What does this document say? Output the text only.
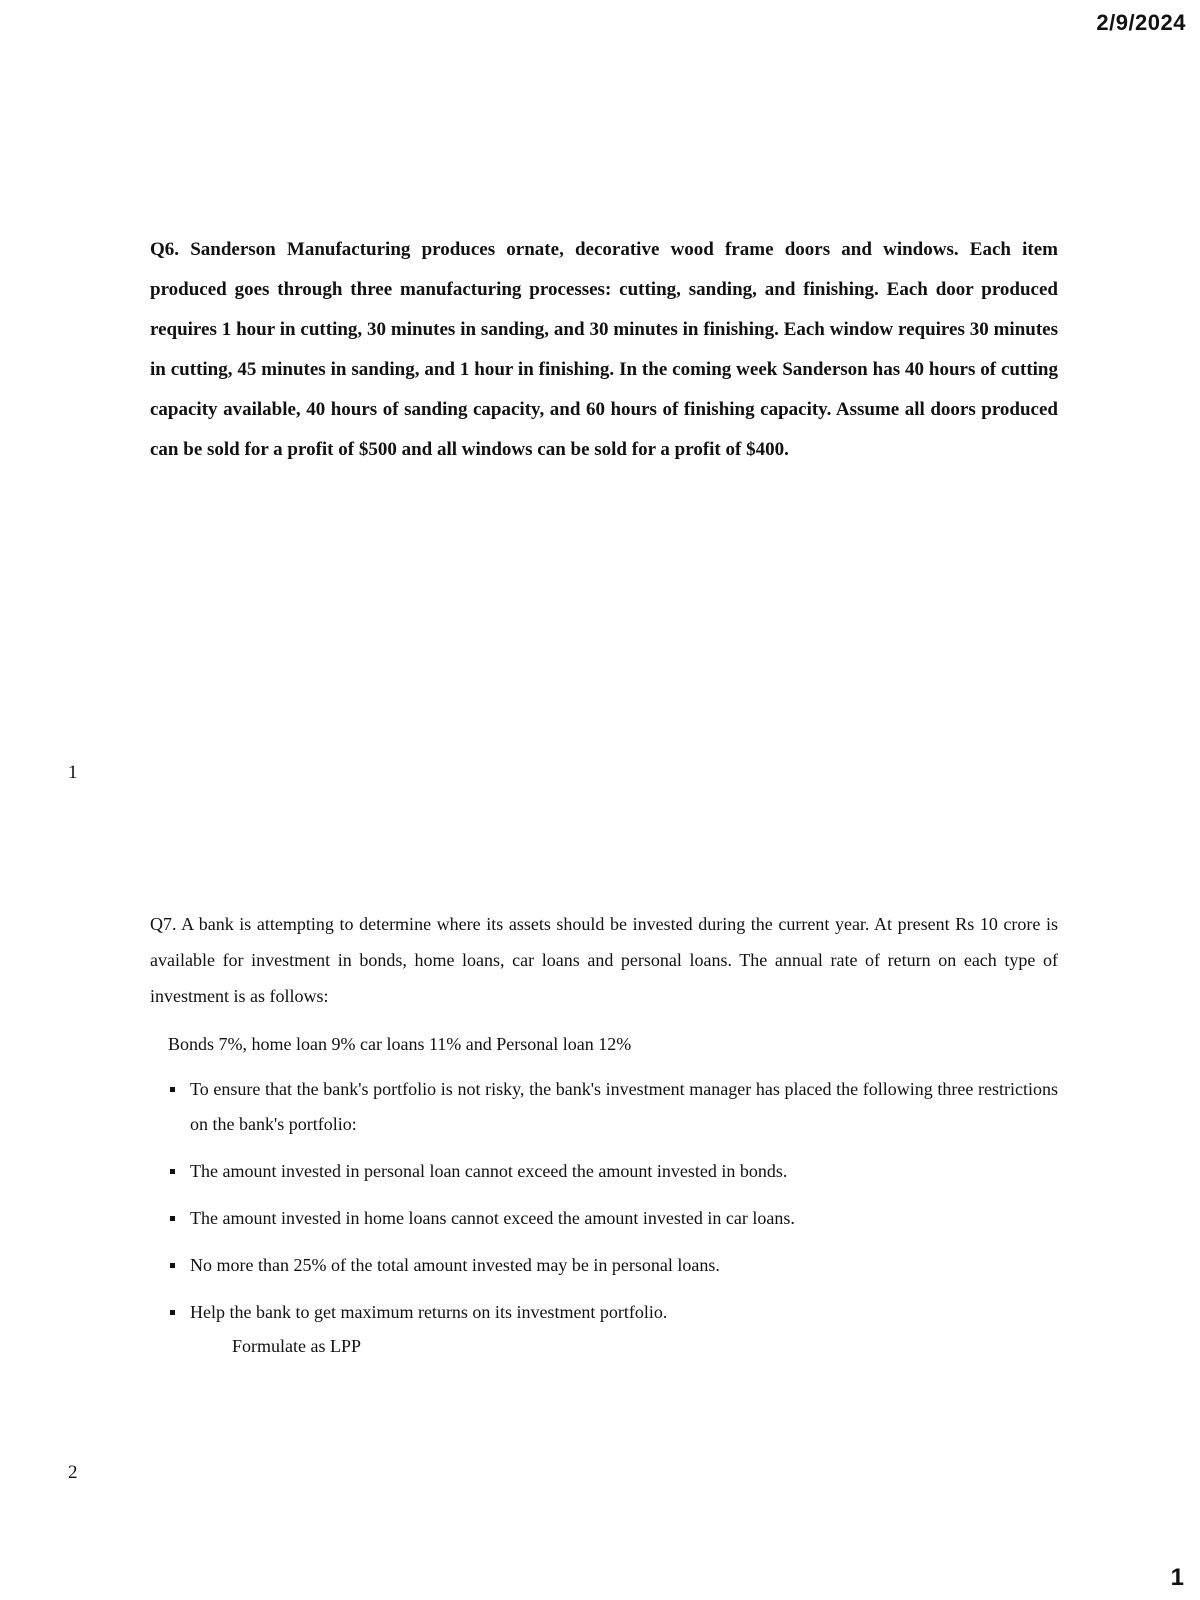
2/9/2024

Q6. Sanderson Manufacturing produces ornate, decorative wood frame doors and windows. Each item produced goes through three manufacturing processes: cutting, sanding, and finishing. Each door produced requires 1 hour in cutting, 30 minutes in sanding, and 30 minutes in finishing. Each window requires 30 minutes in cutting, 45 minutes in sanding, and 1 hour in finishing. In the coming week Sanderson has 40 hours of cutting capacity available, 40 hours of sanding capacity, and 60 hours of finishing capacity. Assume all doors produced can be sold for a profit of $500 and all windows can be sold for a profit of $400.

1

Q7. A bank is attempting to determine where its assets should be invested during the current year. At present Rs 10 crore is available for investment in bonds, home loans, car loans and personal loans. The annual rate of return on each type of investment is as follows:

Bonds 7%, home loan 9% car loans 11% and Personal loan 12%

To ensure that the bank's portfolio is not risky, the bank's investment manager has placed the following three restrictions on the bank's portfolio:
The amount invested in personal loan cannot exceed the amount invested in bonds.
The amount invested in home loans cannot exceed the amount invested in car loans.
No more than 25% of the total amount invested may be in personal loans.
Help the bank to get maximum returns on its investment portfolio.

Formulate as LPP

2
1
